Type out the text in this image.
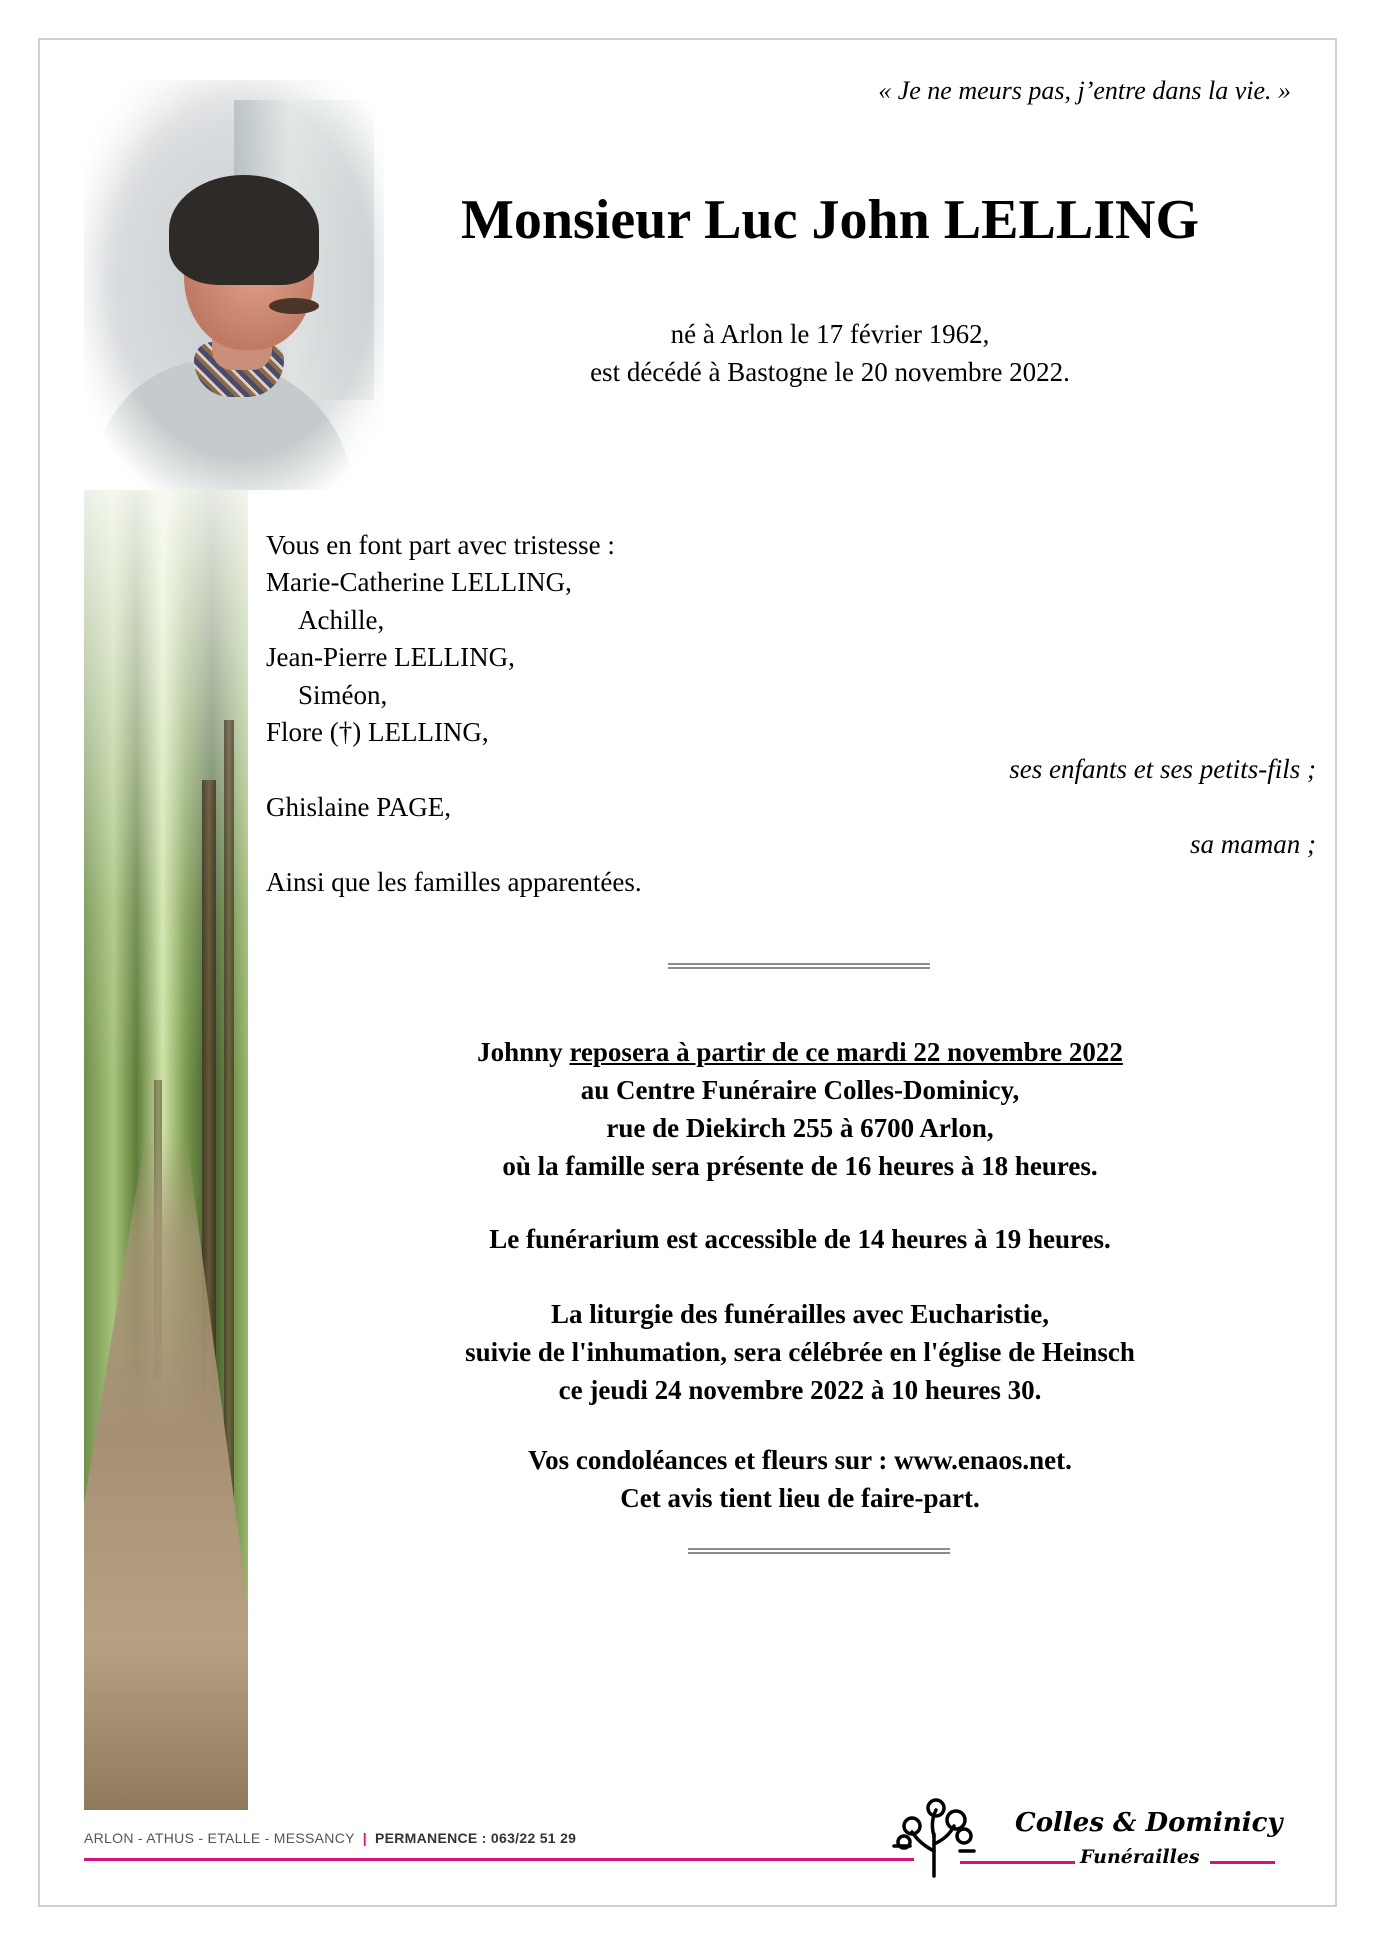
« Je ne meurs pas, j’entre dans la vie. »
Monsieur Luc John LELLING
né à Arlon le 17 février 1962,
est décédé à Bastogne le 20 novembre 2022.
Vous en font part avec tristesse :
Marie-Catherine LELLING,
Achille,
Jean-Pierre LELLING,
Siméon,
Flore (†) LELLING,
ses enfants et ses petits-fils ;
Ghislaine PAGE,
sa maman ;
Ainsi que les familles apparentées.
Johnny reposera à partir de ce mardi 22 novembre 2022
au Centre Funéraire Colles-Dominicy,
rue de Diekirch 255 à 6700 Arlon,
où la famille sera présente de 16 heures à 18 heures.
Le funérarium est accessible de 14 heures à 19 heures.
La liturgie des funérailles avec Eucharistie,
suivie de l'inhumation, sera célébrée en l'église de Heinsch
ce jeudi 24 novembre 2022 à 10 heures 30.
Vos condoléances et fleurs sur : www.enaos.net.
Cet avis tient lieu de faire-part.
ARLON - ATHUS - ETALLE - MESSANCY | PERMANENCE : 063/22 51 29	Colles & Dominicy
Funérailles
